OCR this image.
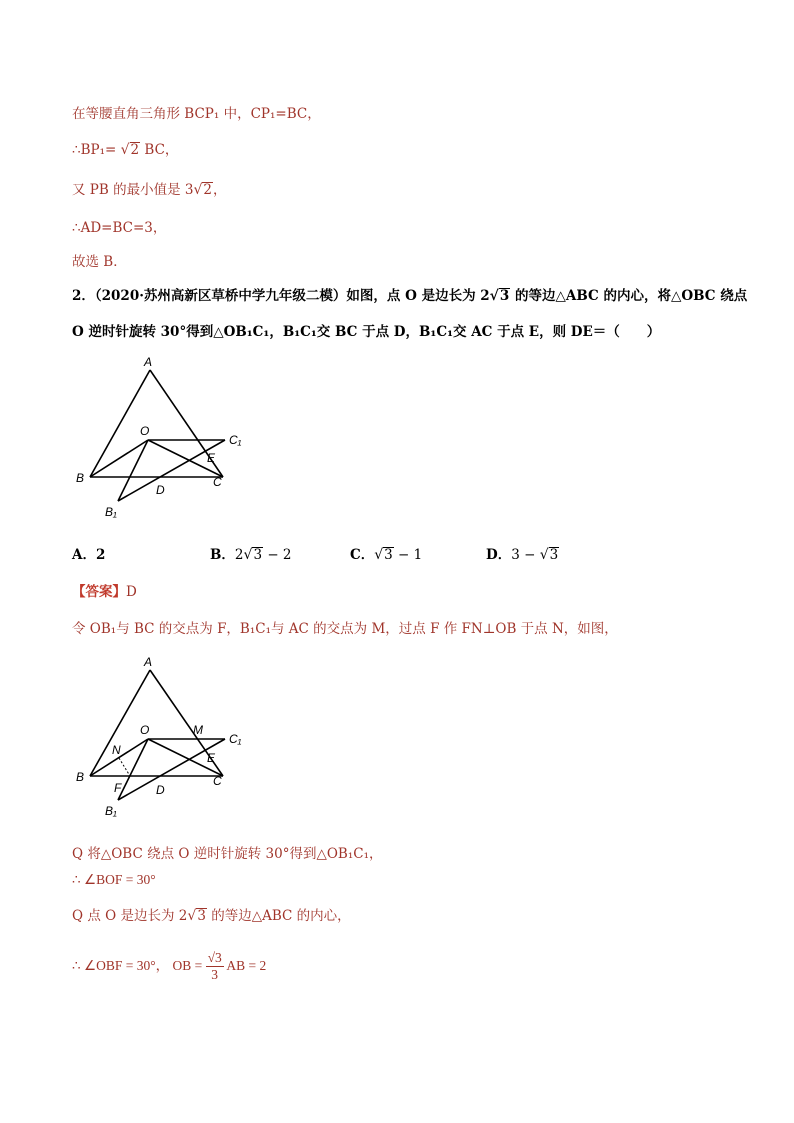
在等腰直角三角形 BCP₁ 中，CP₁=BC，
∴BP₁= √2 BC，
又 PB 的最小值是 3√2，
∴AD=BC=3，
故选 B．
2．（2020·苏州高新区草桥中学九年级二模）如图，点 O 是边长为 2√3 的等边△ABC 的内心，将△OBC 绕点
O 逆时针旋转 30°得到△OB₁C₁，B₁C₁交 BC 于点 D，B₁C₁交 AC 于点 E，则 DE＝（　　）
A
O
C₁
E
B	C
D
B₁
A．2	B．2√3 − 2	C．√3 − 1	D．3 − √3
【答案】D
令 OB₁与 BC 的交点为 F，B₁C₁与 AC 的交点为 M，过点 F 作 FN⊥OB 于点 N，如图，
A
O	M
C₁
N
E
B	C
F	D
B₁
Q 将△OBC 绕点 O 逆时针旋转 30°得到△OB₁C₁，
∴ ∠BOF = 30°
Q 点 O 是边长为 2√3 的等边△ABC 的内心，
∴ ∠OBF = 30°， OB = $\frac{√3}{3}$ AB = 2
